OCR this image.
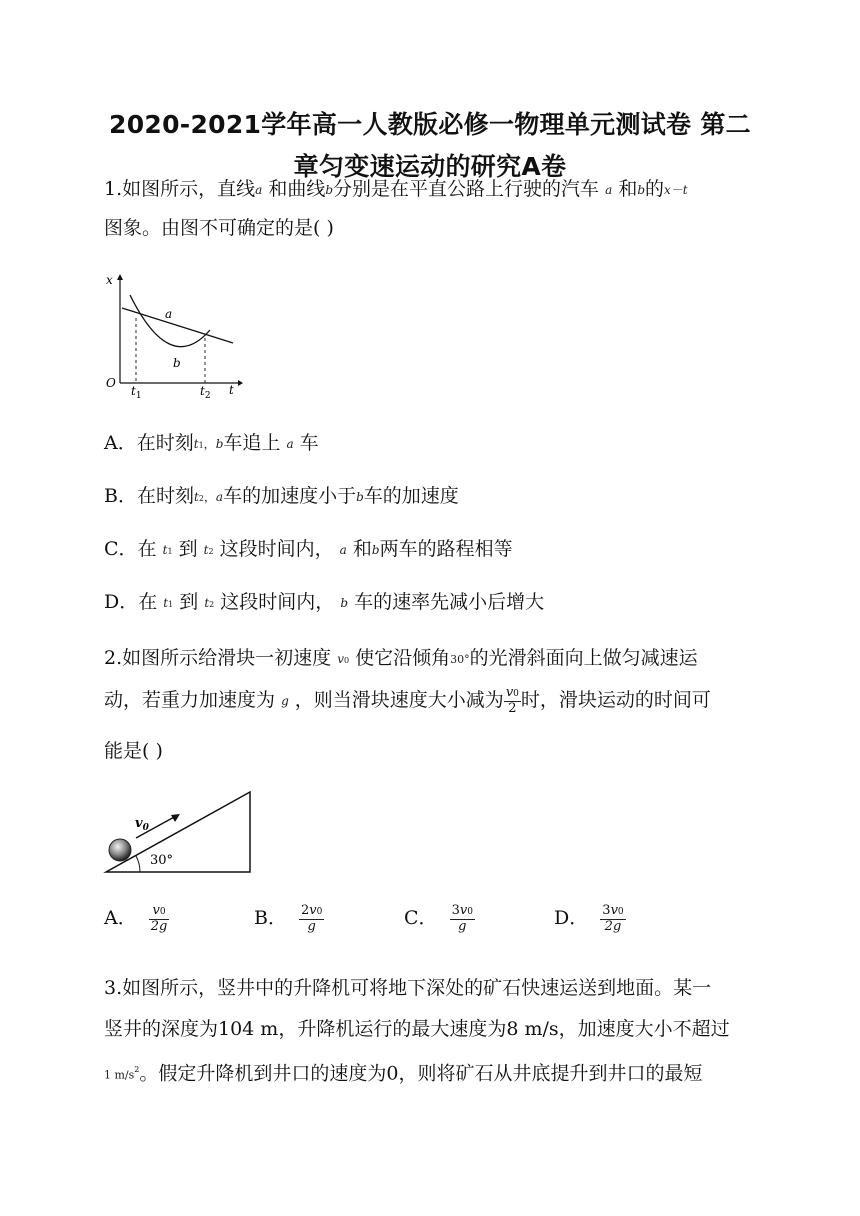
2020-2021学年高一人教版必修一物理单元测试卷 第二
章匀变速运动的研究A卷
1.如图所示，直线a 和曲线b分别是在平直公路上行驶的汽车 a 和b的x－t
图象。由图不可确定的是( )
x
t
O
a
b
$t_1$	$t_2$
A．在时刻t1，b车追上 a 车
B．在时刻t2，a车的加速度小于b车的加速度
C．在 t1 到 t2 这段时间内， a 和b两车的路程相等
D．在 t1 到 t2 这段时间内， b 车的速率先减小后增大
2.如图所示给滑块一初速度 v0 使它沿倾角30°的光滑斜面向上做匀减速运
动，若重力加速度为 g ，则当滑块速度大小减为 $\frac{v0}{2}$ 时，滑块运动的时间可
能是( )
$v_0$
30°
A． $\frac{v0}{2g}$	B． $\frac{2v0}{g}$	C． $\frac{3v0}{g}$	D． $\frac{3v0}{2g}$
3.如图所示，竖井中的升降机可将地下深处的矿石快速运送到地面。某一
竖井的深度为104 m，升降机运行的最大速度为8 m/s，加速度大小不超过
1 $m/s^2$。假定升降机到井口的速度为0，则将矿石从井底提升到井口的最短
